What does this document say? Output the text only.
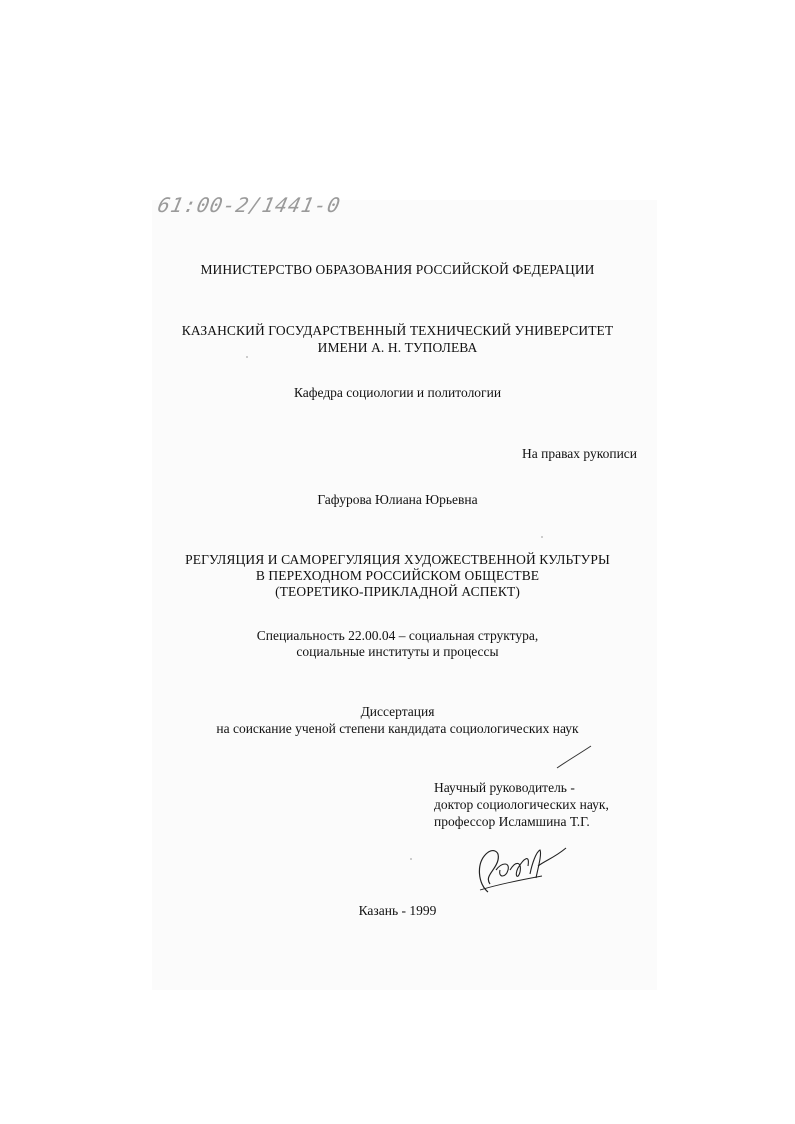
61:00-2/1441-0
МИНИСТЕРСТВО ОБРАЗОВАНИЯ РОССИЙСКОЙ ФЕДЕРАЦИИ
КАЗАНСКИЙ ГОСУДАРСТВЕННЫЙ ТЕХНИЧЕСКИЙ УНИВЕРСИТЕТ
ИМЕНИ А. Н. ТУПОЛЕВА
Кафедра социологии и политологии
На правах рукописи
Гафурова Юлиана Юрьевна
РЕГУЛЯЦИЯ И САМОРЕГУЛЯЦИЯ ХУДОЖЕСТВЕННОЙ КУЛЬТУРЫ
В ПЕРЕХОДНОМ РОССИЙСКОМ ОБЩЕСТВЕ
(ТЕОРЕТИКО-ПРИКЛАДНОЙ АСПЕКТ)
Специальность 22.00.04 – социальная структура,
социальные институты и процессы
Диссертация
на соискание ученой степени кандидата социологических наук
Научный руководитель -
доктор социологических наук,
профессор Исламшина Т.Г.
Казань - 1999
